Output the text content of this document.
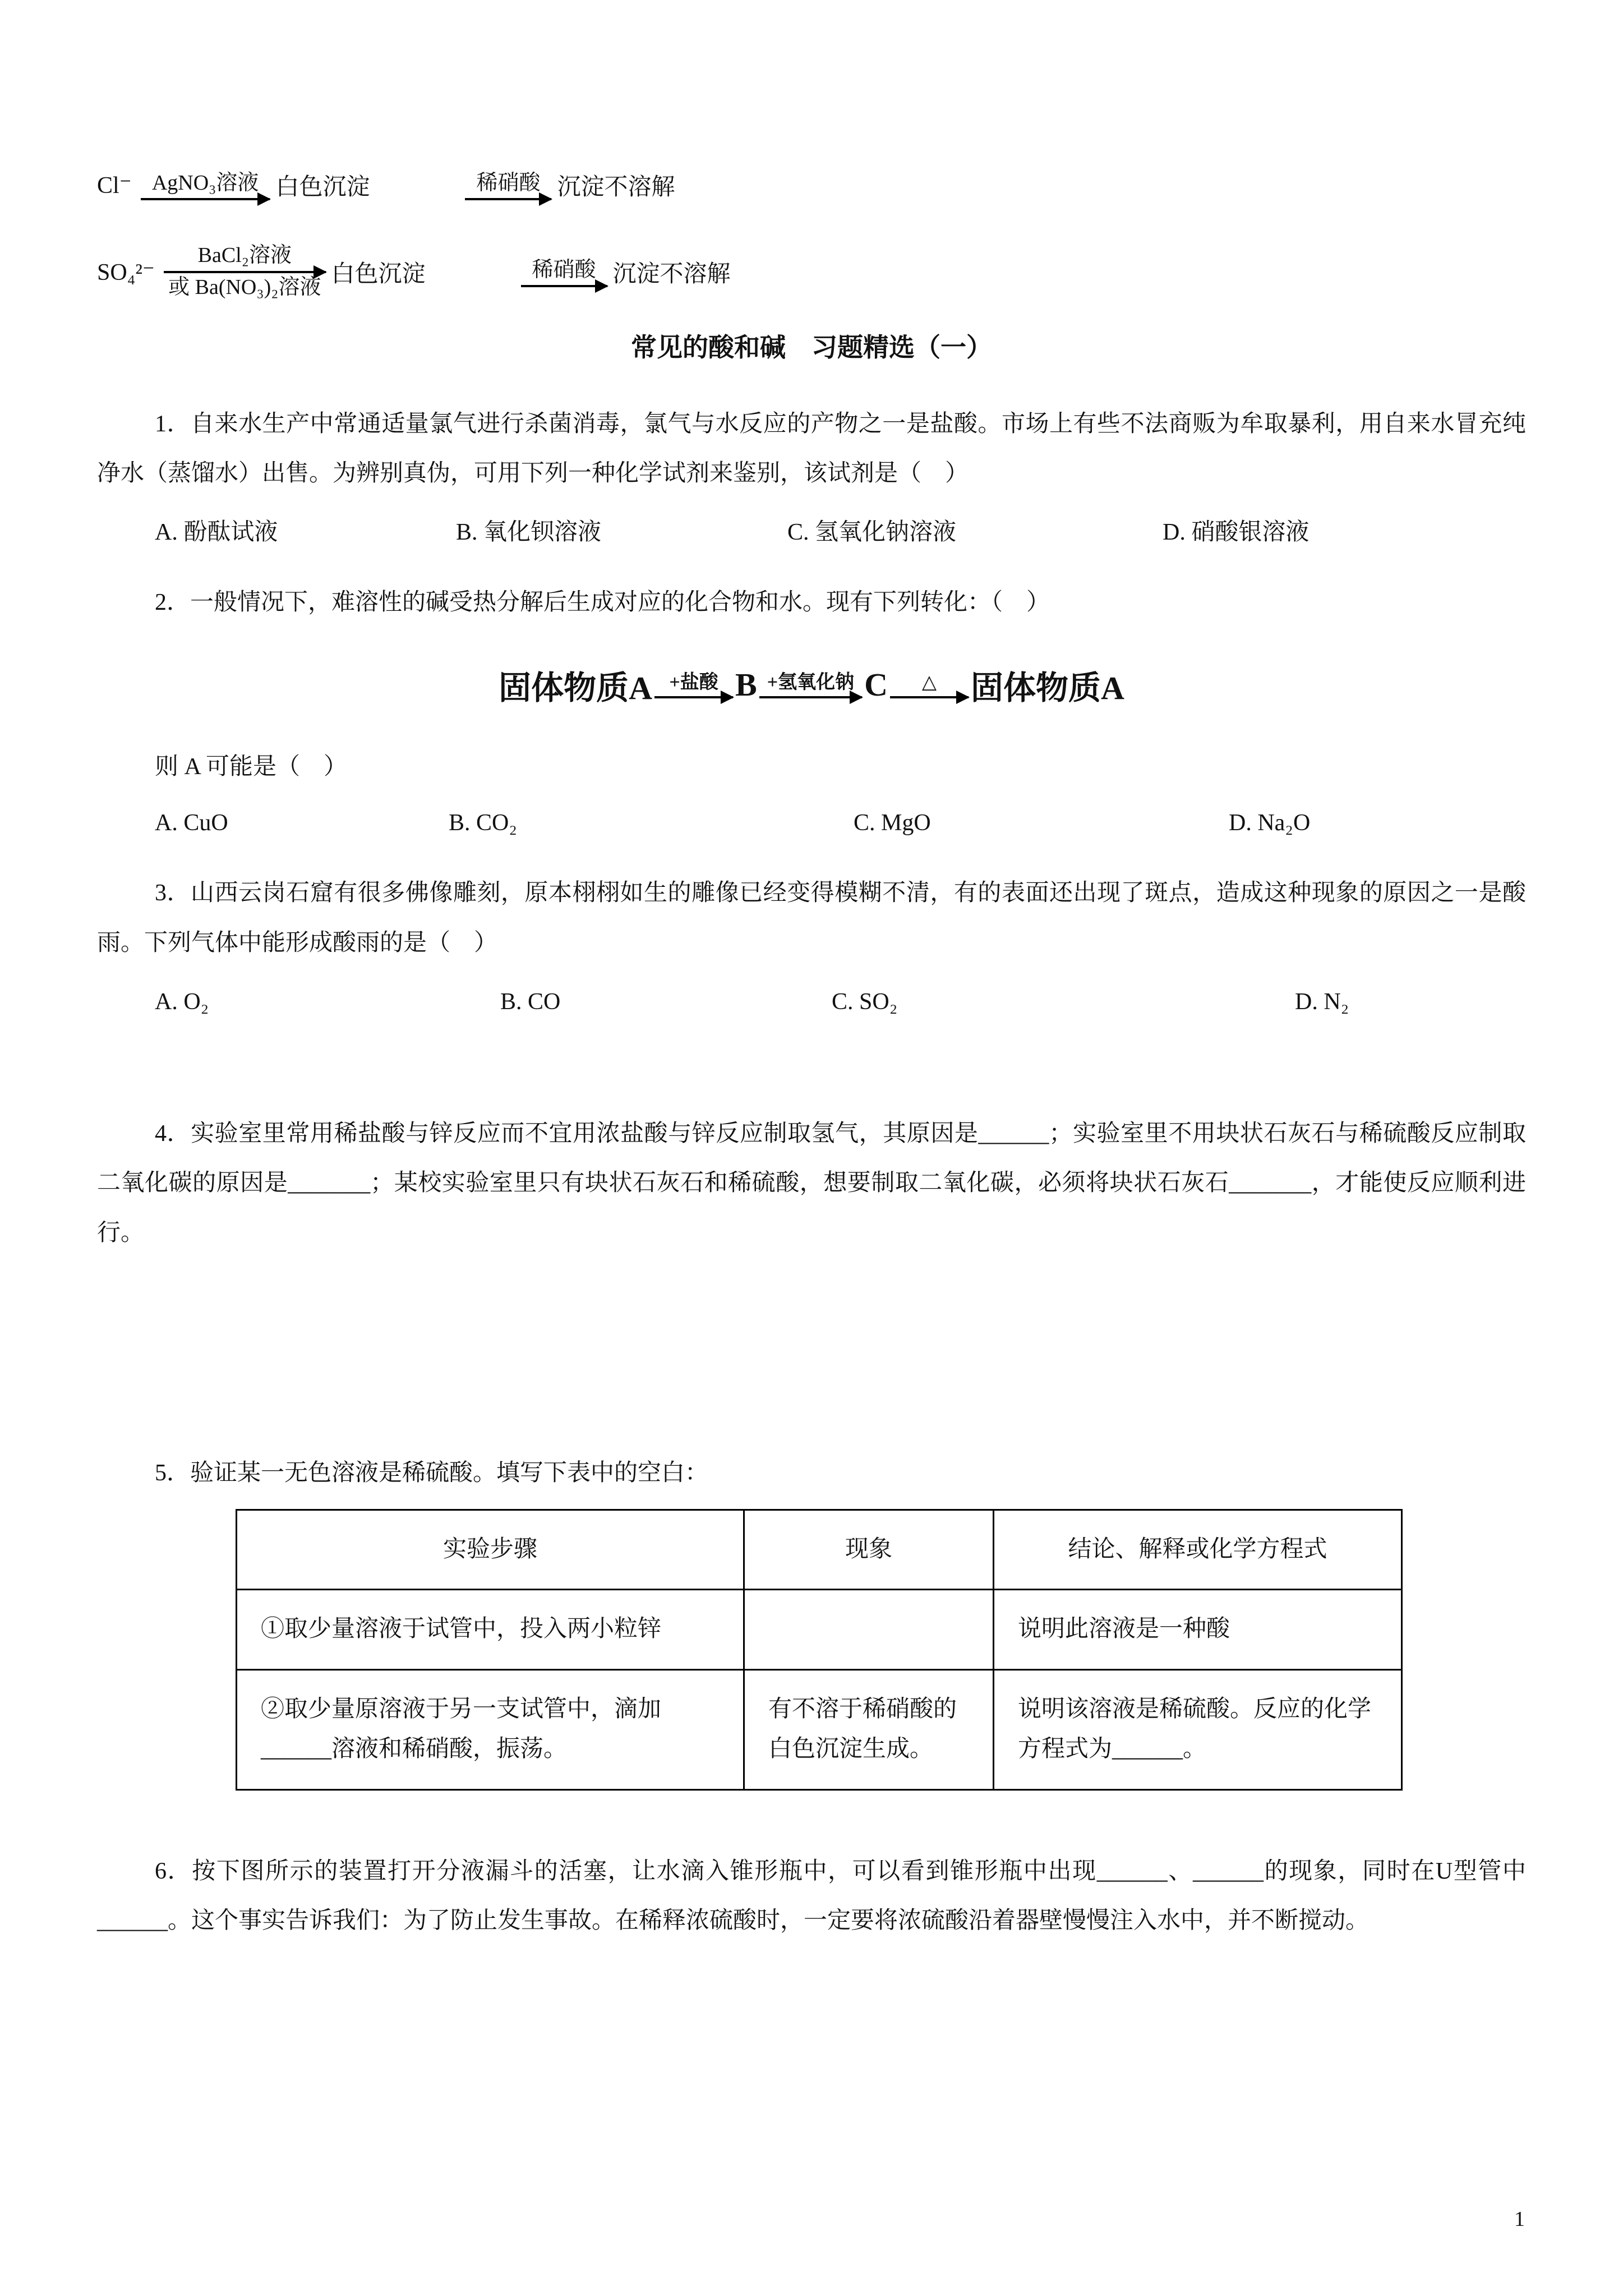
Cl⁻ AgNO₃溶液 白色沉淀	稀硝酸 沉淀不溶解
SO₄²⁻
BaCl₂溶液
或 Ba(NO₃)₂溶液 白色沉淀	稀硝酸 沉淀不溶解
常见的酸和碱　习题精选（一）

1．自来水生产中常通适量氯气进行杀菌消毒，氯气与水反应的产物之一是盐酸。市场上有些不法商贩为牟取暴利，用自来水冒充纯净水（蒸馏水）出售。为辨别真伪，可用下列一种化学试剂来鉴别，该试剂是（　）

A. 酚酞试液	B. 氧化钡溶液	C. 氢氧化钠溶液	D. 硝酸银溶液

2．一般情况下，难溶性的碱受热分解后生成对应的化合物和水。现有下列转化：（　）

固体物质A +盐酸 B +氢氧化钠 C	△ 固体物质A

则 A 可能是（　）

A. CuO	B. CO₂	C. MgO	D. Na₂O

3．山西云岗石窟有很多佛像雕刻，原本栩栩如生的雕像已经变得模糊不清，有的表面还出现了斑点，造成这种现象的原因之一是酸雨。下列气体中能形成酸雨的是（　）

A. O₂	B. CO	C. SO₂	D. N₂

4．实验室里常用稀盐酸与锌反应而不宜用浓盐酸与锌反应制取氢气，其原因是______；实验室里不用块状石灰石与稀硫酸反应制取二氧化碳的原因是_______；某校实验室里只有块状石灰石和稀硫酸，想要制取二氧化碳，必须将块状石灰石_______，才能使反应顺利进行。

5．验证某一无色溶液是稀硫酸。填写下表中的空白：

实验步骤	现象	结论、解释或化学方程式
①取少量溶液于试管中，投入两小粒锌		说明此溶液是一种酸
②取少量原溶液于另一支试管中，滴加______溶液和稀硝酸，振荡。	有不溶于稀硝酸的白色沉淀生成。	说明该溶液是稀硫酸。反应的化学方程式为______。

6．按下图所示的装置打开分液漏斗的活塞，让水滴入锥形瓶中，可以看到锥形瓶中出现______、______的现象，同时在U型管中______。这个事实告诉我们：为了防止发生事故。在稀释浓硫酸时，一定要将浓硫酸沿着器壁慢慢注入水中，并不断搅动。

1
